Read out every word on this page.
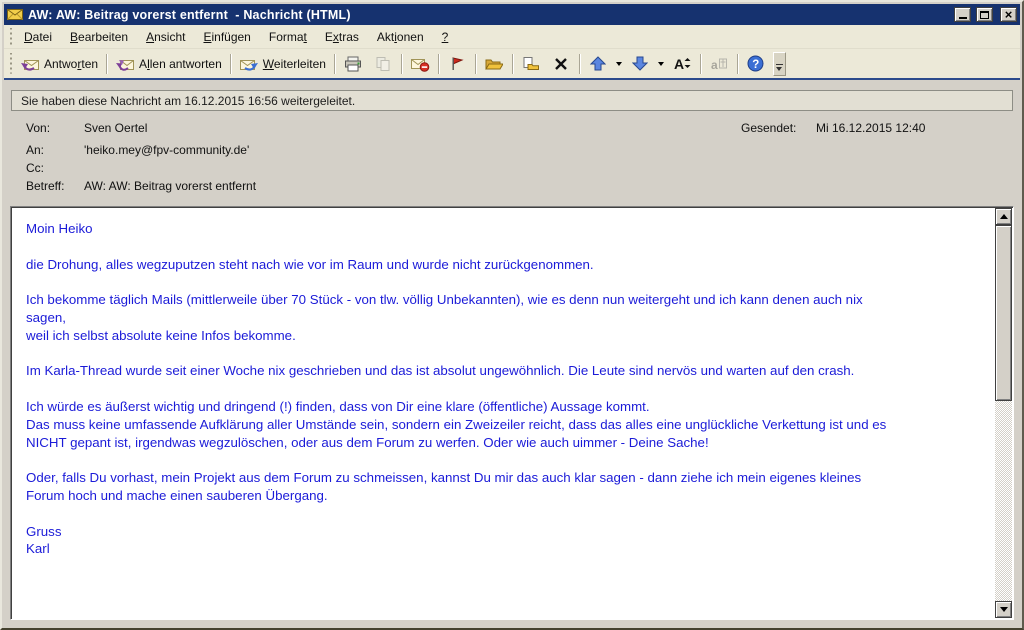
AW: AW: Beitrag vorerst entfernt  - Nachricht (HTML)	×
Datei	Bearbeiten	Ansicht	Einfügen	Format	Extras	Aktionen	?
Antworten	Allen antworten	Weiterleiten	A a	?
Sie haben diese Nachricht am 16.12.2015 16:56 weitergeleitet.
Von:	Sven Oertel	Gesendet:	Mi 16.12.2015 12:40
An:	'heiko.mey@fpv-community.de'
Cc:
Betreff:	AW: AW: Beitrag vorerst entfernt
Moin Heiko

die Drohung, alles wegzuputzen steht nach wie vor im Raum und wurde nicht zurückgenommen.

Ich bekomme täglich Mails (mittlerweile über 70 Stück - von tlw. völlig Unbekannten), wie es denn nun weitergeht und ich kann denen auch nix
sagen,
weil ich selbst absolute keine Infos bekomme.

Im Karla-Thread wurde seit einer Woche nix geschrieben und das ist absolut ungewöhnlich. Die Leute sind nervös und warten auf den crash.

Ich würde es äußerst wichtig und dringend (!) finden, dass von Dir eine klare (öffentliche) Aussage kommt.
Das muss keine umfassende Aufklärung aller Umstände sein, sondern ein Zweizeiler reicht, dass das alles eine unglückliche Verkettung ist und es
NICHT gepant ist, irgendwas wegzulöschen, oder aus dem Forum zu werfen. Oder wie auch uimmer - Deine Sache!

Oder, falls Du vorhast, mein Projekt aus dem Forum zu schmeissen, kannst Du mir das auch klar sagen - dann ziehe ich mein eigenes kleines
Forum hoch und mache einen sauberen Übergang.

Gruss
Karl
